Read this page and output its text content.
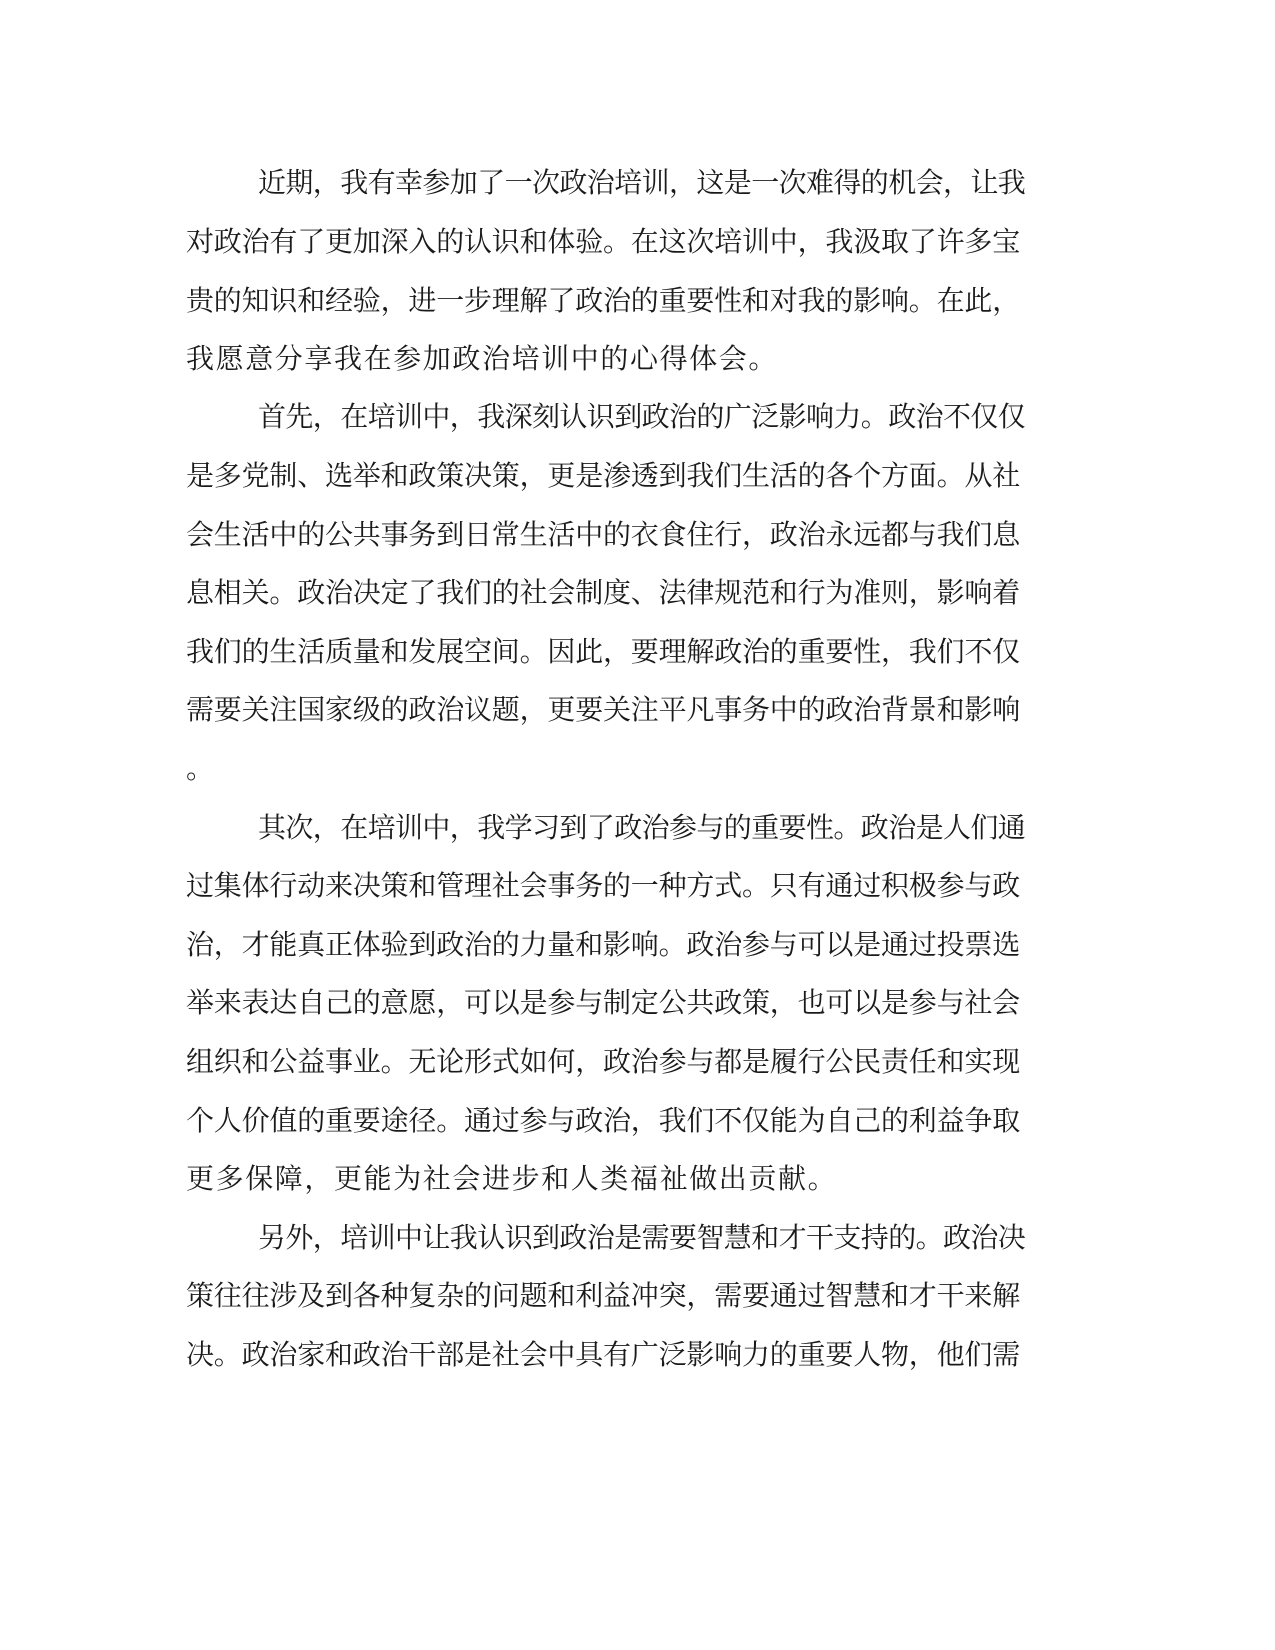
近期，我有幸参加了一次政治培训，这是一次难得的机会，让我
对政治有了更加深入的认识和体验。在这次培训中，我汲取了许多宝
贵的知识和经验，进一步理解了政治的重要性和对我的影响。在此，
我愿意分享我在参加政治培训中的心得体会。
首先，在培训中，我深刻认识到政治的广泛影响力。政治不仅仅
是多党制、选举和政策决策，更是渗透到我们生活的各个方面。从社
会生活中的公共事务到日常生活中的衣食住行，政治永远都与我们息
息相关。政治决定了我们的社会制度、法律规范和行为准则，影响着
我们的生活质量和发展空间。因此，要理解政治的重要性，我们不仅
需要关注国家级的政治议题，更要关注平凡事务中的政治背景和影响
。
其次，在培训中，我学习到了政治参与的重要性。政治是人们通
过集体行动来决策和管理社会事务的一种方式。只有通过积极参与政
治，才能真正体验到政治的力量和影响。政治参与可以是通过投票选
举来表达自己的意愿，可以是参与制定公共政策，也可以是参与社会
组织和公益事业。无论形式如何，政治参与都是履行公民责任和实现
个人价值的重要途径。通过参与政治，我们不仅能为自己的利益争取
更多保障，更能为社会进步和人类福祉做出贡献。
另外，培训中让我认识到政治是需要智慧和才干支持的。政治决
策往往涉及到各种复杂的问题和利益冲突，需要通过智慧和才干来解
决。政治家和政治干部是社会中具有广泛影响力的重要人物，他们需
